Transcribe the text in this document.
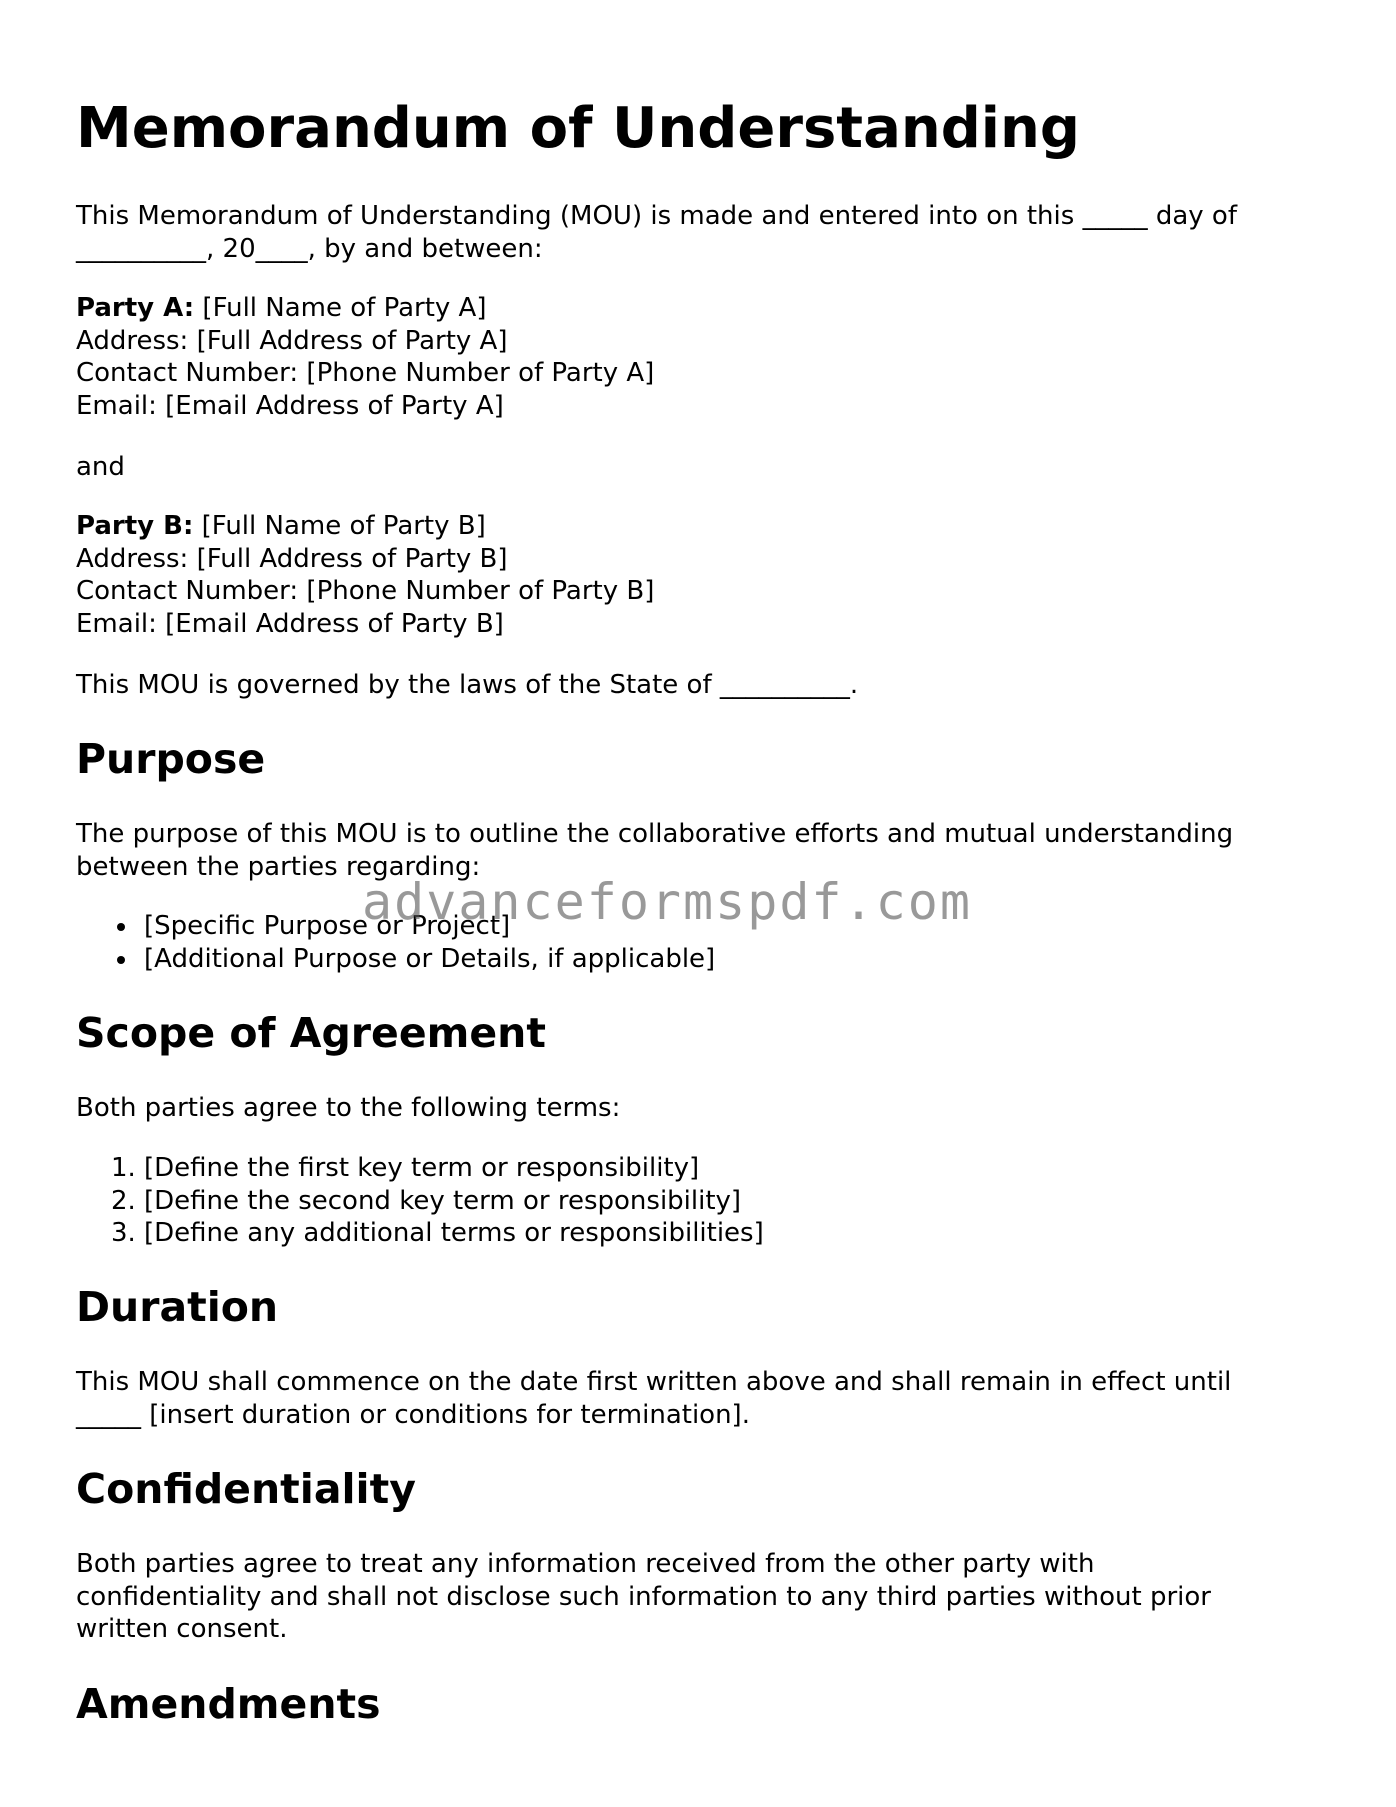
Memorandum of Understanding
This Memorandum of Understanding (MOU) is made and entered into on this _____ day of
__________, 20____, by and between:
Party A: [Full Name of Party A]
Address: [Full Address of Party A]
Contact Number: [Phone Number of Party A]
Email: [Email Address of Party A]
and
Party B: [Full Name of Party B]
Address: [Full Address of Party B]
Contact Number: [Phone Number of Party B]
Email: [Email Address of Party B]
This MOU is governed by the laws of the State of __________.
Purpose
The purpose of this MOU is to outline the collaborative efforts and mutual understanding
between the parties regarding:
[Specific Purpose or Project]
[Additional Purpose or Details, if applicable]
Scope of Agreement
Both parties agree to the following terms:
1. [Define the first key term or responsibility]
2. [Define the second key term or responsibility]
3. [Define any additional terms or responsibilities]
Duration
This MOU shall commence on the date first written above and shall remain in effect until
_____ [insert duration or conditions for termination].
Confidentiality
Both parties agree to treat any information received from the other party with
confidentiality and shall not disclose such information to any third parties without prior
written consent.
Amendments
advanceformspdf.com
